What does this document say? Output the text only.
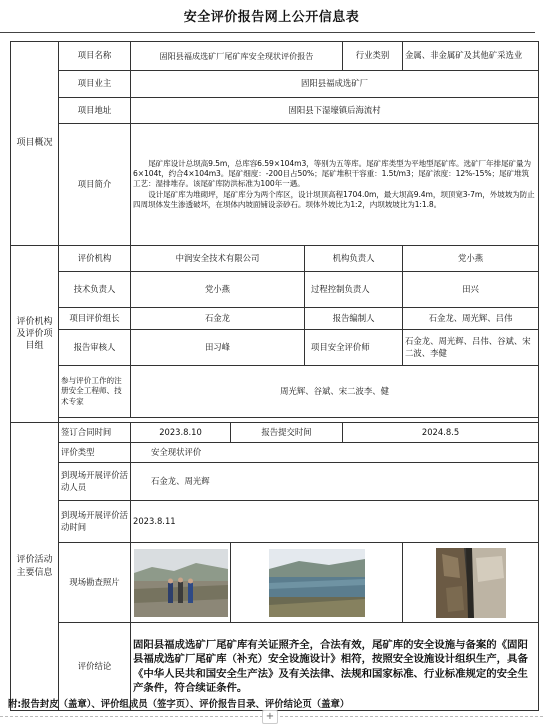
安全评价报告网上公开信息表
项目概况	项目名称	固阳县福成选矿厂尾矿库安全现状评价报告			行业类别	金属、非金属矿及其他矿采选业
	项目业主	固阳县福成选矿厂				
	项目地址	固阳县下湿壕镇后海流村				
	项目简介	尾矿库设计总坝高9.5m，总库容6.59×104m3，等别为五等库。尾矿库类型为平地型尾矿库。选矿厂年排尾矿量为6×104t，约合4×104m3。尾矿细度：-200目占50%；尾矿堆积干容重：1.5t/m3；尾矿浓度：12%-15%；尾矿堆筑工艺：湿排堆存。该尾矿库防洪标准为100年一遇。

设计尾矿库为堆砌坪，尾矿库分为两个库区，设计坝顶高程1704.0m，最大坝高9.4m，坝顶宽3-7m，外坡坡为防止四周坝体发生渗透破坏，在坝体内坡面铺设亲砂石。坝体外坡比为1:2，内坝坡坡比为1:1.8。				

评价机构及评价项目组	评价机构	中润安全技术有限公司		机构负责人		党小燕
	技术负责人	党小燕		过程控制负责人		田兴
	项目评价组长	石金龙		报告编制人		石金龙、周光辉、吕伟
	报告审核人	田习峰		项目安全评价师		石金龙、周光辉、吕伟、谷斌、宋二波、李健
	参与评价工作的注册安全工程师、技术专家	周光辉、谷斌、宋二波李、健				

评价活动主要信息	签订合同时间	2023.8.10	报告提交时间		2024.8.5	
	评价类型	安全现状评价				
	到现场开展评价活动人员	石金龙、周光辉				
	到现场开展评价活动时间	2023.8.11				
	现场勘查照片	

	评价结论	固阳县福成选矿厂尾矿库有关证照齐全，合法有效，尾矿库的安全设施与备案的《固阳县福成选矿厂尾矿库（补充）安全设施设计》相符，按照安全设施设计组织生产，具备《中华人民共和国安全生产法》及有关法律、法规和国家标准、行业标准规定的安全生产条件，符合续证条件。				
附:报告封皮（盖章）、评价组成员（签字页）、评价报告目录、评价结论页（盖章）
+
